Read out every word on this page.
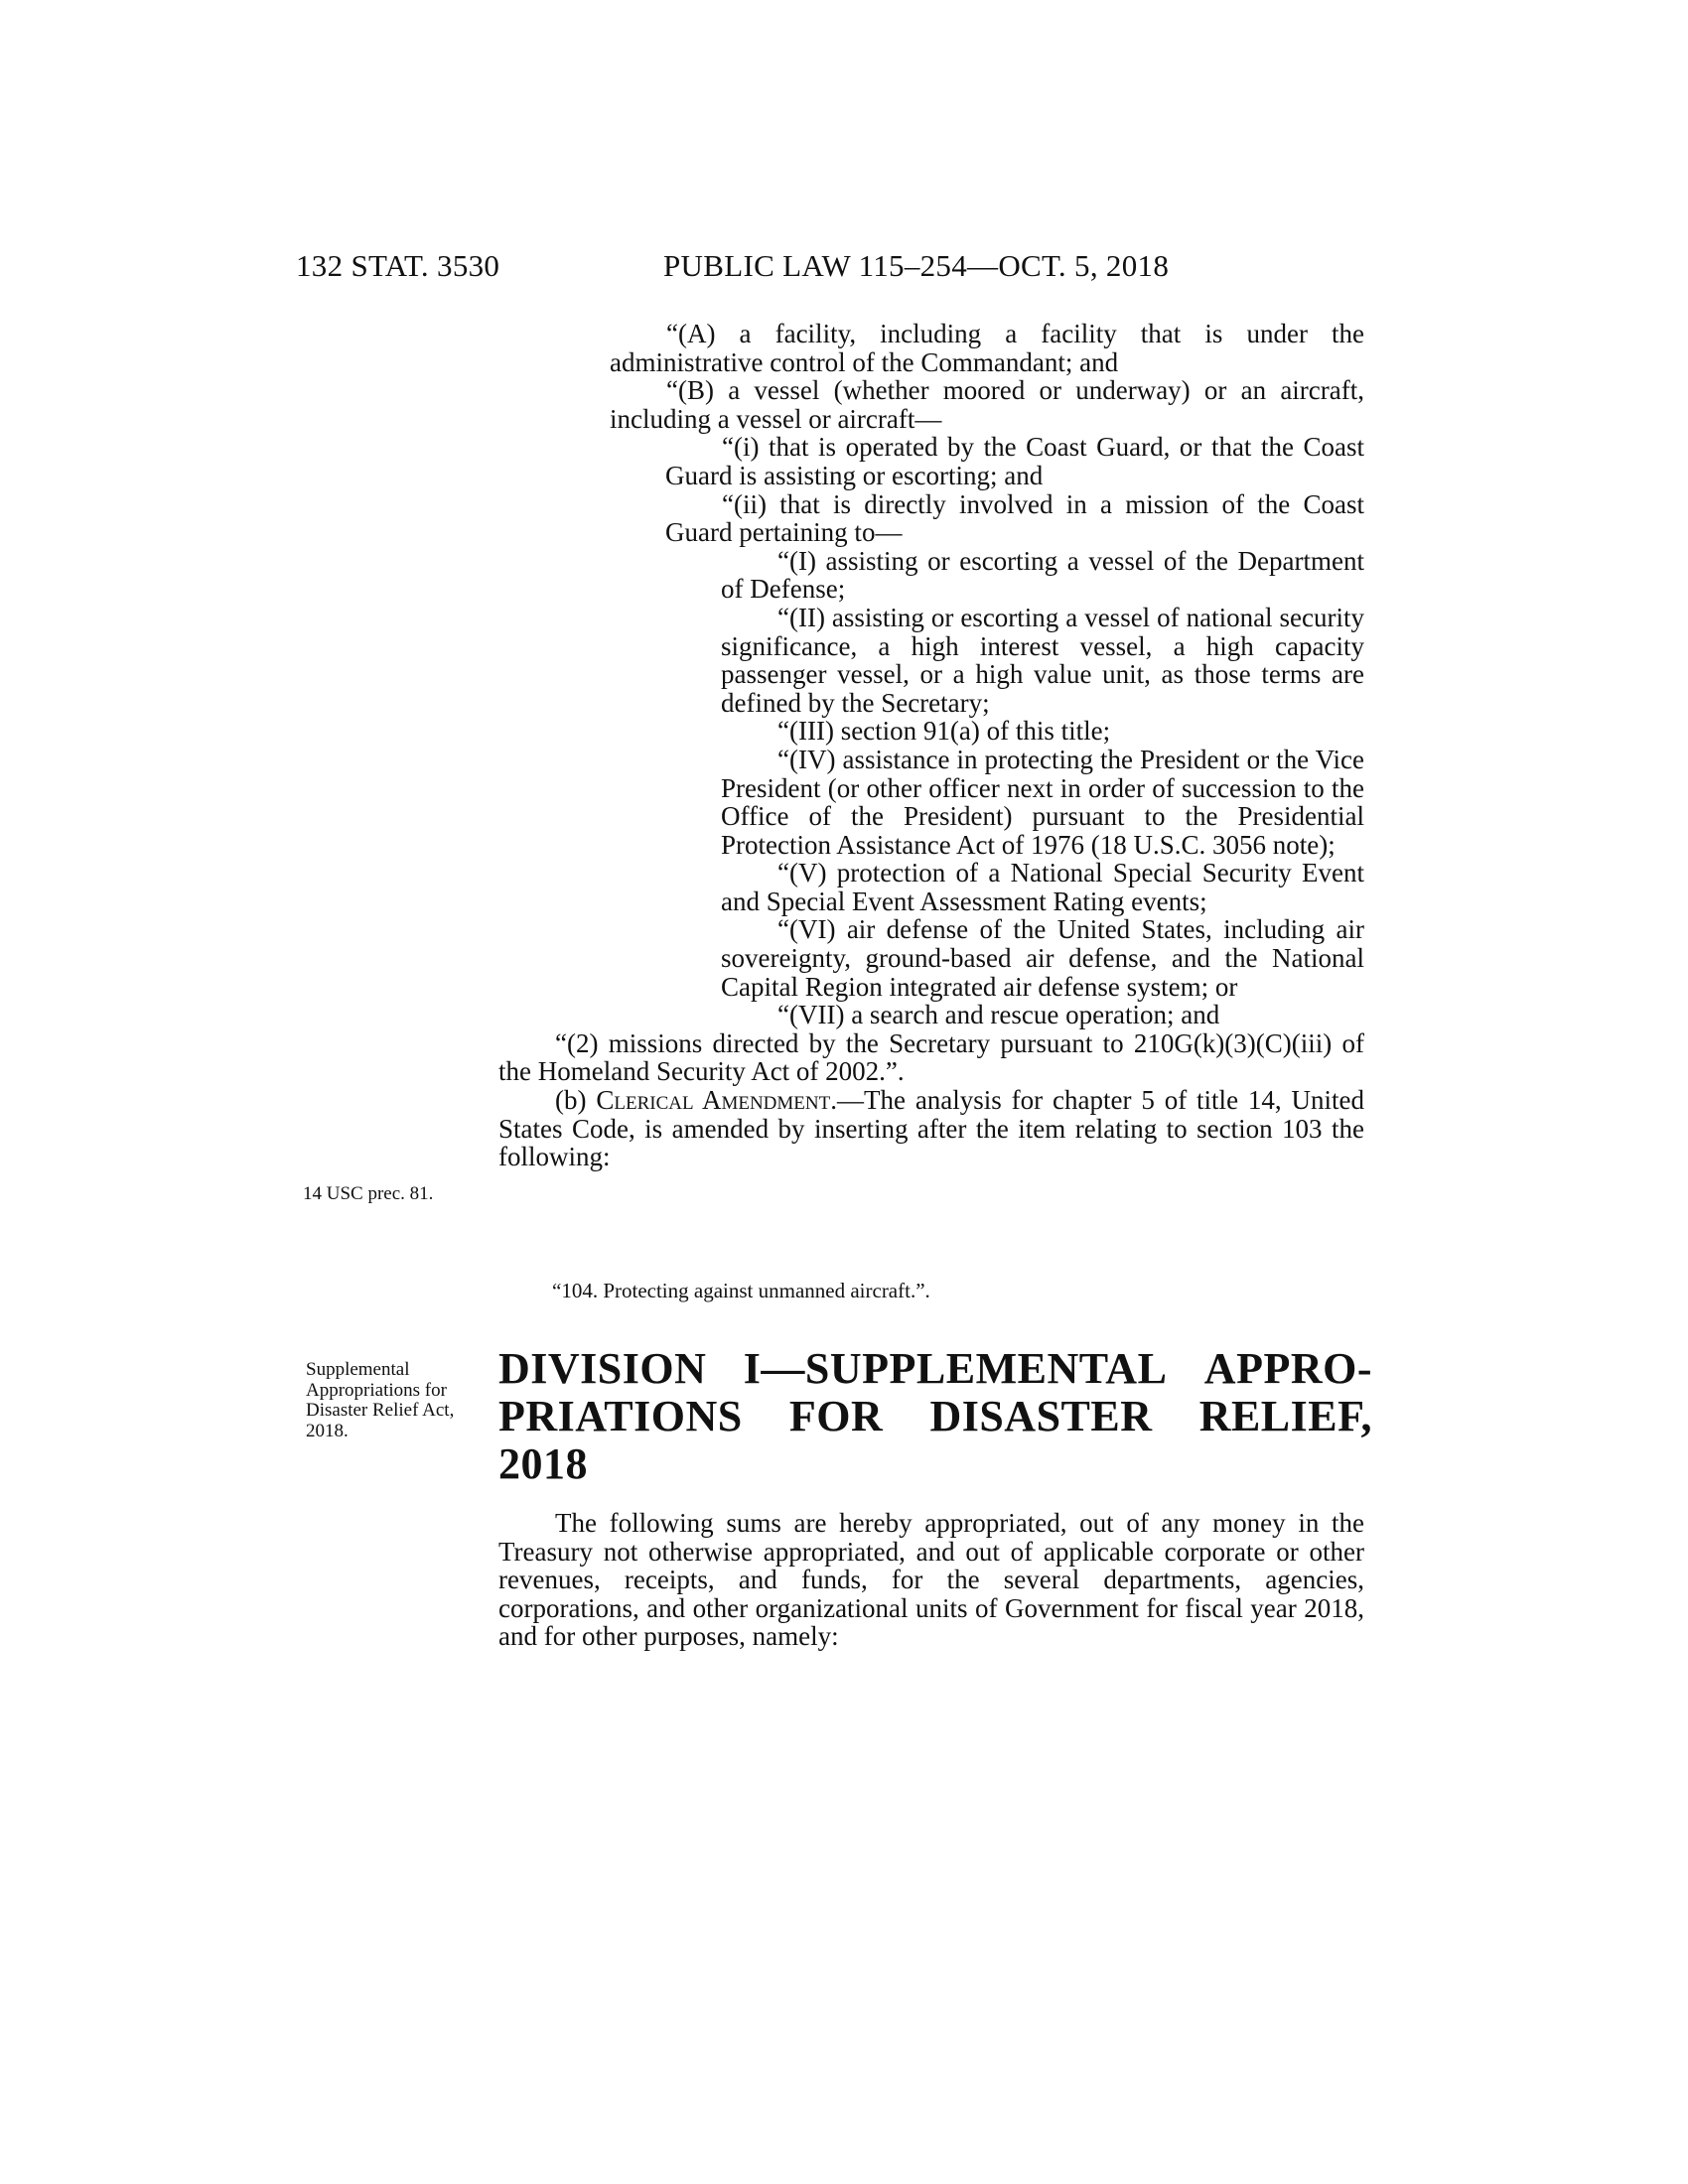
132 STAT. 3530	PUBLIC LAW 115–254—OCT. 5, 2018

“(A) a facility, including a facility that is under the administrative control of the Commandant; and

“(B) a vessel (whether moored or underway) or an aircraft, including a vessel or aircraft—

“(i) that is operated by the Coast Guard, or that the Coast Guard is assisting or escorting; and

“(ii) that is directly involved in a mission of the Coast Guard pertaining to—

“(I) assisting or escorting a vessel of the Department of Defense;

“(II) assisting or escorting a vessel of national security significance, a high interest vessel, a high capacity passenger vessel, or a high value unit, as those terms are defined by the Secretary;

“(III) section 91(a) of this title;

“(IV) assistance in protecting the President or the Vice President (or other officer next in order of succession to the Office of the President) pursuant to the Presidential Protection Assistance Act of 1976 (18 U.S.C. 3056 note);

“(V) protection of a National Special Security Event and Special Event Assessment Rating events;

“(VI) air defense of the United States, including air sovereignty, ground-based air defense, and the National Capital Region integrated air defense system; or

“(VII) a search and rescue operation; and

“(2) missions directed by the Secretary pursuant to 210G(k)(3)(C)(iii) of the Homeland Security Act of 2002.”.

(b) Clerical Amendment.—The analysis for chapter 5 of title 14, United States Code, is amended by inserting after the item relating to section 103 the following:

14 USC prec. 81.
“104. Protecting against unmanned aircraft.”.
Supplemental Appropriations for Disaster Relief Act, 2018.
DIVISION I—SUPPLEMENTAL APPRO-
PRIATIONS FOR DISASTER RELIEF,
2018

The following sums are hereby appropriated, out of any money in the Treasury not otherwise appropriated, and out of applicable corporate or other revenues, receipts, and funds, for the several departments, agencies, corporations, and other organizational units of Government for fiscal year 2018, and for other purposes, namely:
